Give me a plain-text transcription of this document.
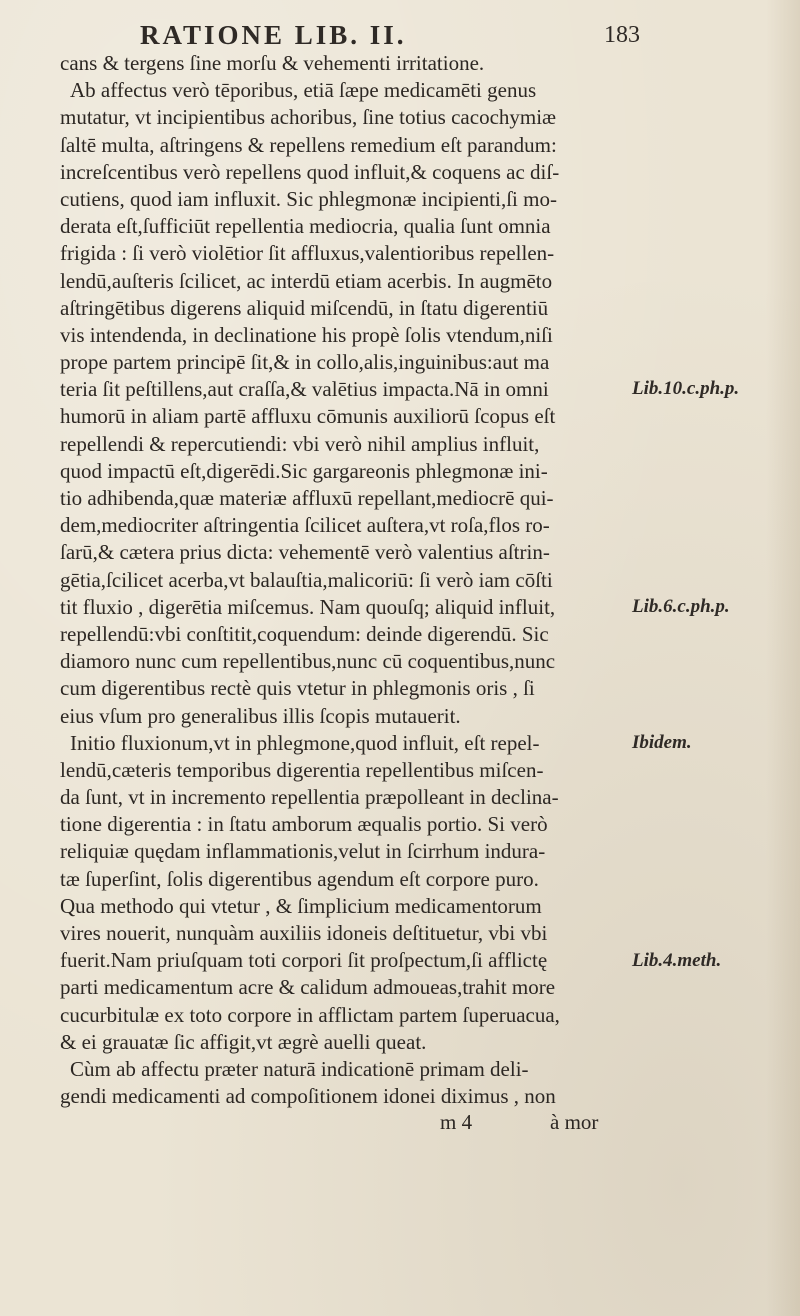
RATIONE LIB. II.	183
cans & tergens ſine morſu & vehementi irritatione.
Ab affectus verò tēporibus, etiā ſæpe medicamēti genus
mutatur, vt incipientibus achoribus, ſine totius cacochymiæ
ſaltē multa, aſtringens & repellens remedium eſt parandum:
increſcentibus verò repellens quod influit,& coquens ac diſ-
cutiens, quod iam influxit. Sic phlegmonæ incipienti,ſi mo-
derata eſt,ſufficiūt repellentia mediocria, qualia ſunt omnia
frigida : ſi verò violētior ſit affluxus,valentioribus repellen-
lendū,auſteris ſcilicet, ac interdū etiam acerbis. In augmēto
aſtringētibus digerens aliquid miſcendū, in ſtatu digerentiū
vis intendenda, in declinatione his propè ſolis vtendum,niſi
prope partem principē ſit,& in collo,alis,inguinibus:aut ma
teria ſit peſtillens,aut craſſa,& valētius impacta.Nā in omni
humorū in aliam partē affluxu cōmunis auxiliorū ſcopus eſt
repellendi & repercutiendi: vbi verò nihil amplius influit,
quod impactū eſt,digerēdi.Sic gargareonis phlegmonæ ini-
tio adhibenda,quæ materiæ affluxū repellant,mediocrē qui-
dem,mediocriter aſtringentia ſcilicet auſtera,vt roſa,flos ro-
ſarū,& cætera prius dicta: vehementē verò valentius aſtrin-
gētia,ſcilicet acerba,vt balauſtia,malicoriū: ſi verò iam cōſti
tit fluxio , digerētia miſcemus. Nam quouſq; aliquid influit,
repellendū:vbi conſtitit,coquendum: deinde digerendū. Sic
diamoro nunc cum repellentibus,nunc cū coquentibus,nunc
cum digerentibus rectè quis vtetur in phlegmonis oris , ſi
eius vſum pro generalibus illis ſcopis mutauerit.
Initio fluxionum,vt in phlegmone,quod influit, eſt repel-
lendū,cæteris temporibus digerentia repellentibus miſcen-
da ſunt, vt in incremento repellentia præpolleant in declina-
tione digerentia : in ſtatu amborum æqualis portio. Si verò
reliquiæ quędam inflammationis,velut in ſcirrhum indura-
tæ ſuperſint, ſolis digerentibus agendum eſt corpore puro.
Qua methodo qui vtetur , & ſimplicium medicamentorum
vires nouerit, nunquàm auxiliis idoneis deſtituetur, vbi vbi
fuerit.Nam priuſquam toti corpori ſit proſpectum,ſi afflictę
parti medicamentum acre & calidum admoueas,trahit more
cucurbitulæ ex toto corpore in afflictam partem ſuperuacua,
& ei grauatæ ſic affigit,vt ægrè auelli queat.
Cùm ab affectu præter naturā indicationē primam deli-
gendi medicamenti ad compoſitionem idonei diximus , non
Lib.10.c.ph.p.
Lib.6.c.ph.p.
Ibidem.
Lib.4.meth.
m 4	à mor
